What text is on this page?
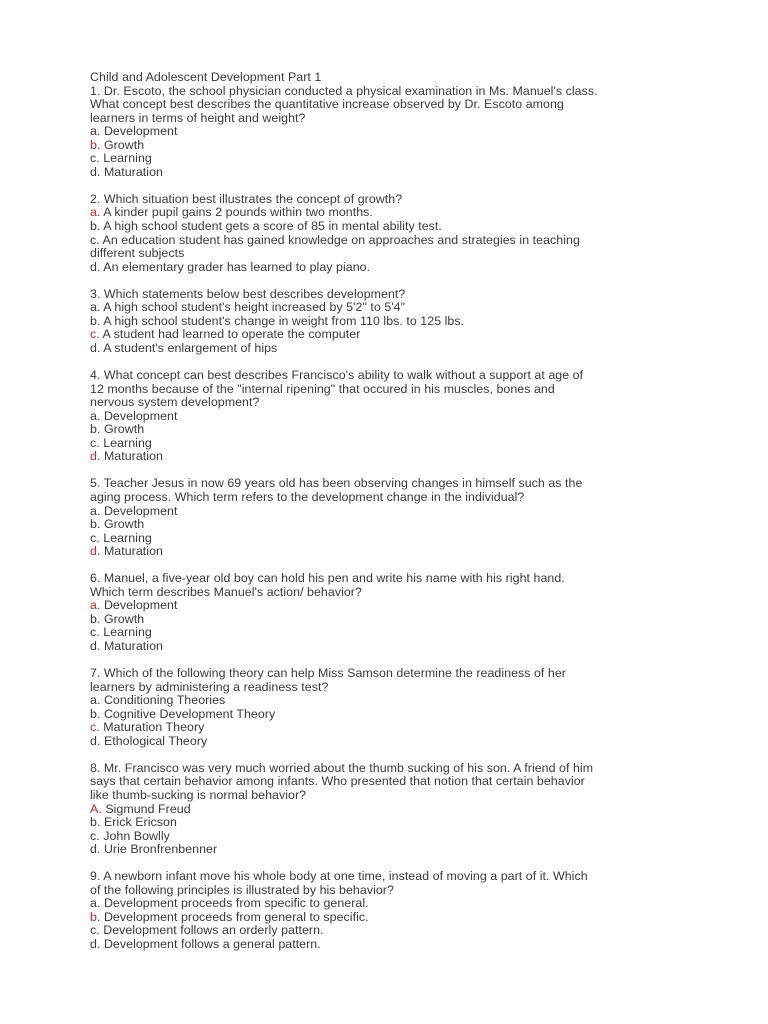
Child and Adolescent Development Part 1
1. Dr. Escoto, the school physician conducted a physical examination in Ms. Manuel's class.
What concept best describes the quantitative increase observed by Dr. Escoto among
learners in terms of height and weight?
a. Development
b. Growth
c. Learning
d. Maturation
2. Which situation best illustrates the concept of growth?
a. A kinder pupil gains 2 pounds within two months.
b. A high school student gets a score of 85 in mental ability test.
c. An education student has gained knowledge on approaches and strategies in teaching
different subjects
d. An elementary grader has learned to play piano.
3. Which statements below best describes development?
a. A high school student's height increased by 5'2" to 5'4"
b. A high school student's change in weight from 110 lbs. to 125 lbs.
c. A student had learned to operate the computer
d. A student's enlargement of hips
4. What concept can best describes Francisco's ability to walk without a support at age of
12 months because of the "internal ripening" that occured in his muscles, bones and
nervous system development?
a. Development
b. Growth
c. Learning
d. Maturation
5. Teacher Jesus in now 69 years old has been observing changes in himself such as the
aging process. Which term refers to the development change in the individual?
a. Development
b. Growth
c. Learning
d. Maturation
6. Manuel, a five-year old boy can hold his pen and write his name with his right hand.
Which term describes Manuel's action/ behavior?
a. Development
b. Growth
c. Learning
d. Maturation
7. Which of the following theory can help Miss Samson determine the readiness of her
learners by administering a readiness test?
a. Conditioning Theories
b. Cognitive Development Theory
c. Maturation Theory
d. Ethological Theory
8. Mr. Francisco was very much worried about the thumb sucking of his son. A friend of him
says that certain behavior among infants. Who presented that notion that certain behavior
like thumb-sucking is normal behavior?
A. Sigmund Freud
b. Erick Ericson
c. John Bowlly
d. Urie Bronfrenbenner
9. A newborn infant move his whole body at one time, instead of moving a part of it. Which
of the following principles is illustrated by his behavior?
a. Development proceeds from specific to general.
b. Development proceeds from general to specific.
c. Development follows an orderly pattern.
d. Development follows a general pattern.
